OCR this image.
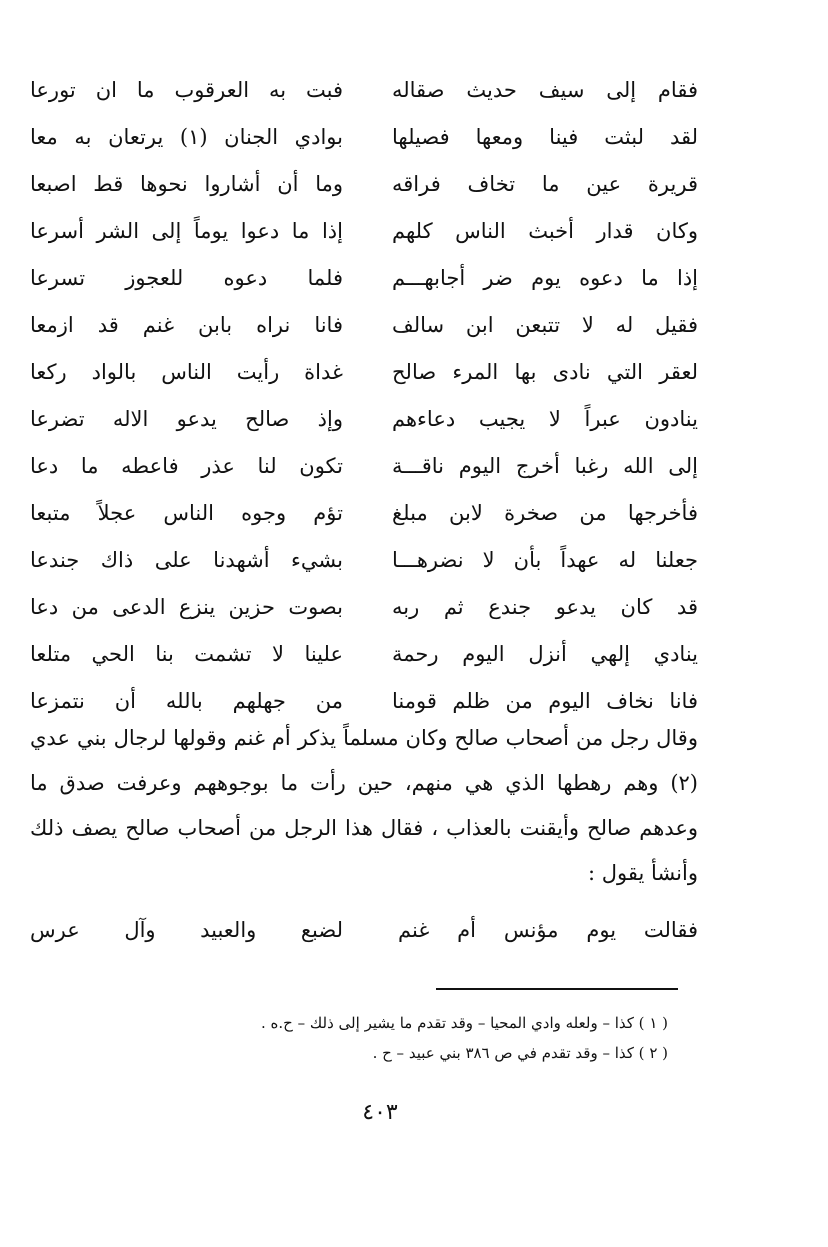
فقام إلى سيف حديث صقاله
فبت به العرقوب ما ان تورعا
لقد لبثت فينا ومعها فصيلها
بوادي الجنان (١) يرتعان به معا
قريرة عين ما تخاف فراقه
وما أن أشاروا نحوها قط اصبعا
وكان قدار أخبث الناس كلهم
إذا ما دعوا يوماً إلى الشر أسرعا
إذا ما دعوه يوم ضر أجابهـــم
فلما دعوه للعجوز تسرعا
فقيل له لا تتبعن ابن سالف
فانا نراه بابن غنم قد ازمعا
لعقر التي نادى بها المرء صالح
غداة رأيت الناس بالواد ركعا
ينادون عبراً لا يجيب دعاءهم
وإذ صالح يدعو الاله تضرعا
إلى الله رغبا أخرج اليوم ناقـــة
تكون لنا عذر فاعطه ما دعا
فأخرجها من صخرة لابن مبلغ
تؤم وجوه الناس عجلاً متبعا
جعلنا له عهداً بأن لا نضرهـــا
بشيء أشهدنا على ذاك جندعا
قد كان يدعو جندع ثم ربه
بصوت حزين ينزع الدعى من دعا
ينادي إلهي أنزل اليوم رحمة
علينا لا تشمت بنا الحي متلعا
فانا نخاف اليوم من ظلم قومنا
من جهلهم بالله أن نتمزعا

وقال رجل من أصحاب صالح وكان مسلماً يذكر أم غنم وقولها لرجال بني عدي (٢) وهم رهطها الذي هي منهم، حين رأت ما بوجوههم وعرفت صدق ما وعدهم صالح وأيقنت بالعذاب ، فقال هذا الرجل من أصحاب صالح يصف ذلك وأنشأ يقول :

فقالت يوم مؤنس أم غنم
لضبع والعبيد وآل عرس
( ١ ) كذا – ولعله وادي المحيا – وقد تقدم ما يشير إلى ذلك – ح.ه .
( ٢ ) كذا – وقد تقدم في ص ٣٨٦ بني عبيد – ح .
٤٠٣
